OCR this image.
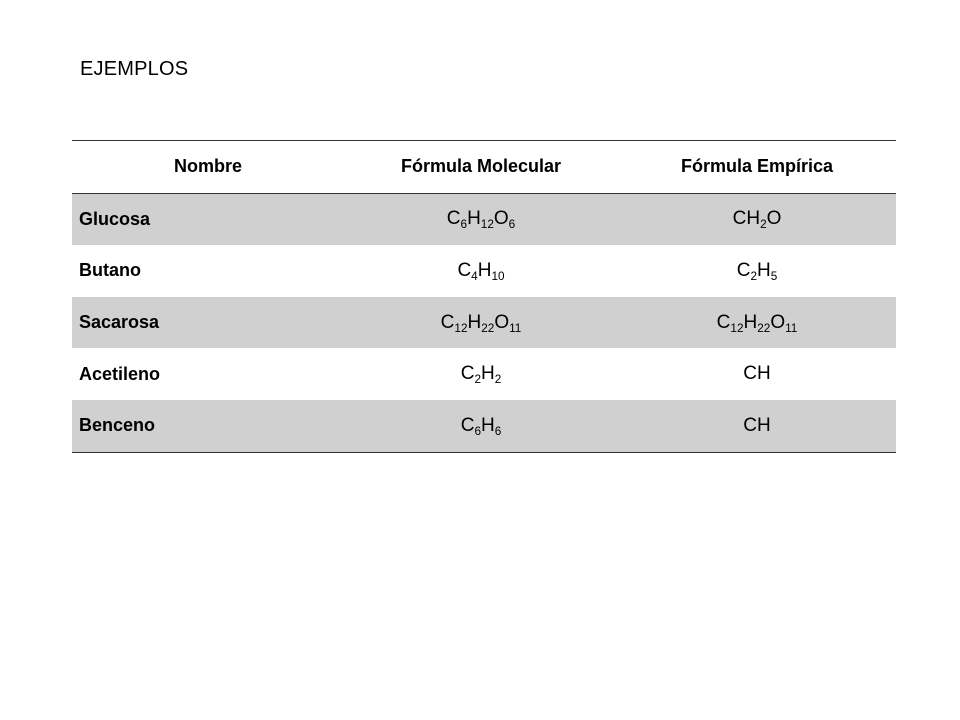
EJEMPLOS
Nombre	Fórmula Molecular	Fórmula Empírica
Glucosa	$C_6H_{12}O_6$	$CH_2O$
Butano	$C_4H_{10}$	$C_2H_5$
Sacarosa	$C_{12}H_{22}O_{11}$	$C_{12}H_{22}O_{11}$
Acetileno	$C_2H_2$	CH
Benceno	$C_6H_6$	CH
